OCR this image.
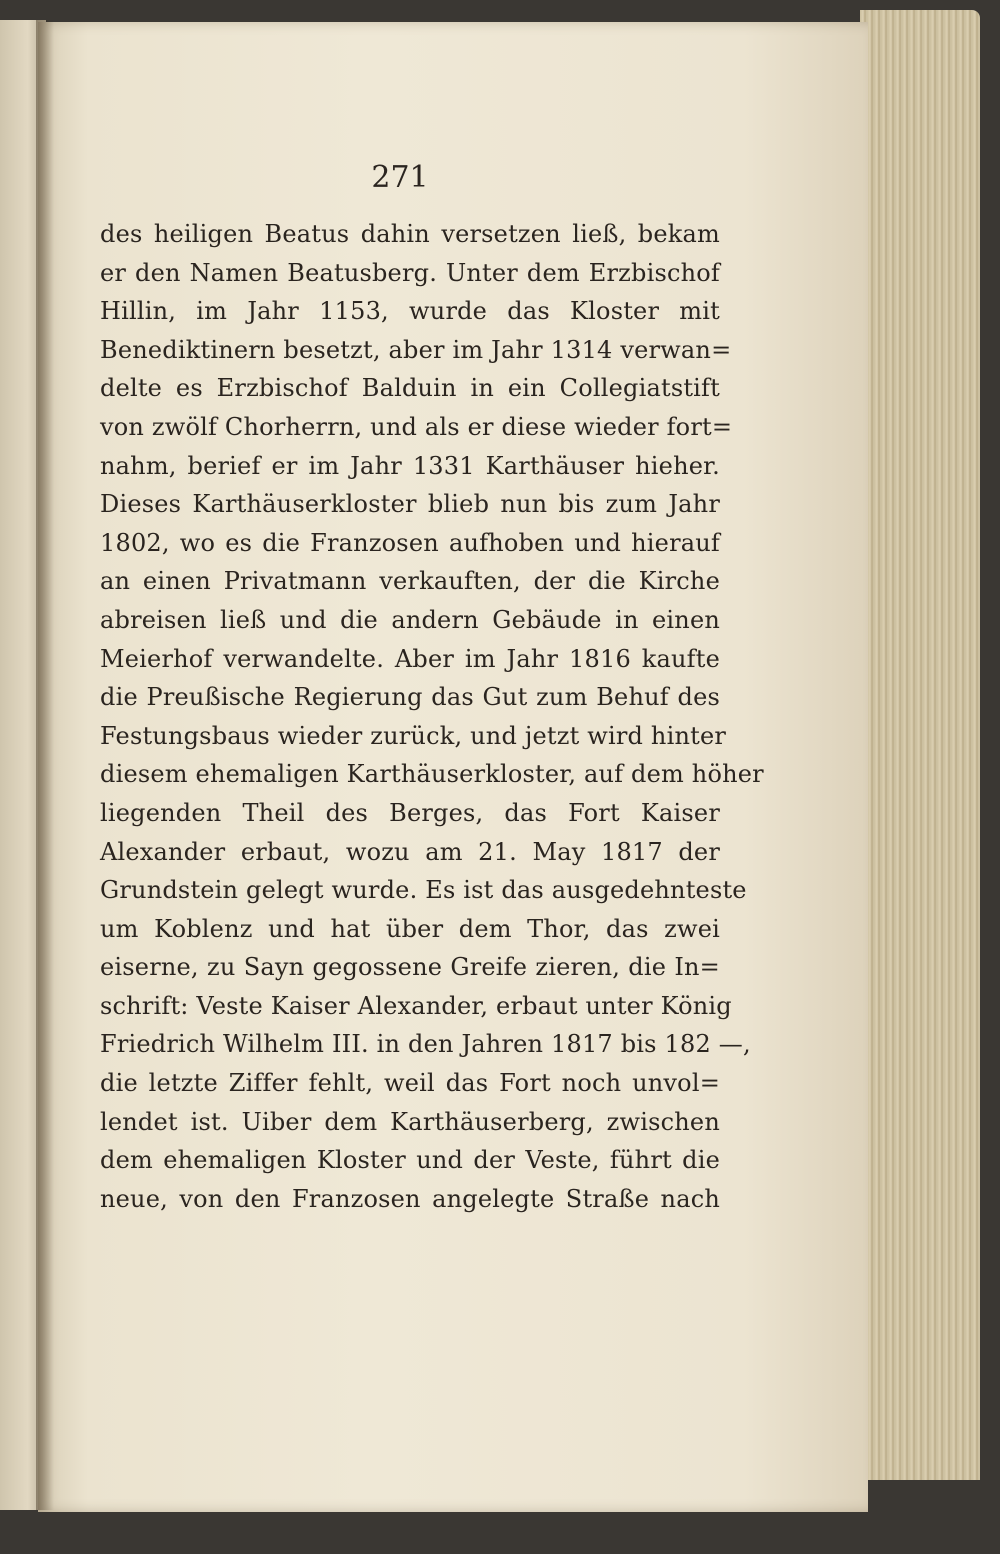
271
des heiligen Beatus dahin versetzen ließ, bekam
er den Namen Beatusberg. Unter dem Erzbischof
Hillin, im Jahr 1153, wurde das Kloster mit
Benediktinern besetzt, aber im Jahr 1314 verwan=
delte es Erzbischof Balduin in ein Collegiatstift
von zwölf Chorherrn, und als er diese wieder fort=
nahm, berief er im Jahr 1331 Karthäuser hieher.
Dieses Karthäuserkloster blieb nun bis zum Jahr
1802, wo es die Franzosen aufhoben und hierauf
an einen Privatmann verkauften, der die Kirche
abreisen ließ und die andern Gebäude in einen
Meierhof verwandelte. Aber im Jahr 1816 kaufte
die Preußische Regierung das Gut zum Behuf des
Festungsbaus wieder zurück, und jetzt wird hinter
diesem ehemaligen Karthäuserkloster, auf dem höher
liegenden Theil des Berges, das Fort Kaiser
Alexander erbaut, wozu am 21. May 1817 der
Grundstein gelegt wurde. Es ist das ausgedehnteste
um Koblenz und hat über dem Thor, das zwei
eiserne, zu Sayn gegossene Greife zieren, die In=
schrift: Veste Kaiser Alexander, erbaut unter König
Friedrich Wilhelm III. in den Jahren 1817 bis 182 —,
die letzte Ziffer fehlt, weil das Fort noch unvol=
lendet ist. Uiber dem Karthäuserberg, zwischen
dem ehemaligen Kloster und der Veste, führt die
neue, von den Franzosen angelegte Straße nach
